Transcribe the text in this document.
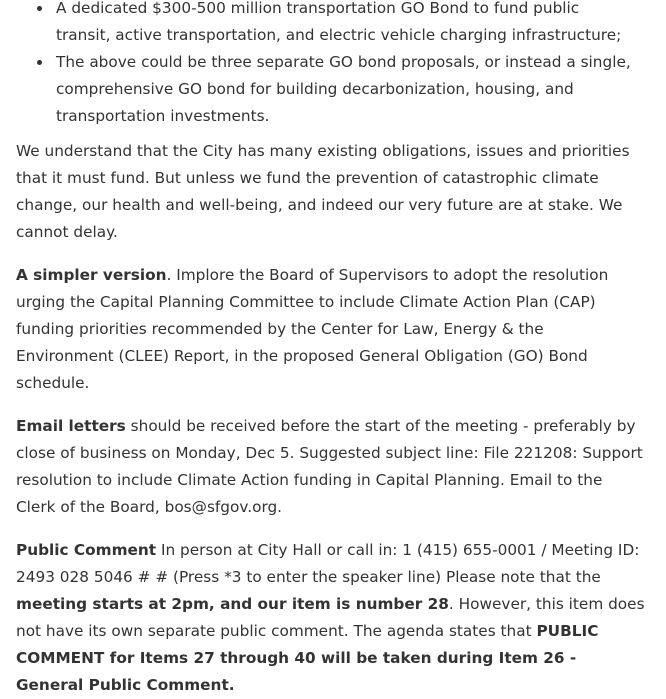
A dedicated $300-500 million transportation GO Bond to fund public transit, active transportation, and electric vehicle charging infrastructure;
The above could be three separate GO bond proposals, or instead a single, comprehensive GO bond for building decarbonization, housing, and transportation investments.

We understand that the City has many existing obligations, issues and priorities that it must fund. But unless we fund the prevention of catastrophic climate change, our health and well-being, and indeed our very future are at stake. We cannot delay.

A simpler version. Implore the Board of Supervisors to adopt the resolution urging the Capital Planning Committee to include Climate Action Plan (CAP) funding priorities recommended by the Center for Law, Energy & the Environment (CLEE) Report, in the proposed General Obligation (GO) Bond schedule.

Email letters should be received before the start of the meeting - preferably by close of business on Monday, Dec 5. Suggested subject line: File 221208: Support resolution to include Climate Action funding in Capital Planning. Email to the Clerk of the Board, bos@sfgov.org.

Public Comment In person at City Hall or call in: 1 (415) 655-0001 / Meeting ID: 2493 028 5046 # # (Press *3 to enter the speaker line) Please note that the meeting starts at 2pm, and our item is number 28. However, this item does not have its own separate public comment. The agenda states that PUBLIC COMMENT for Items 27 through 40 will be taken during Item 26 - General Public Comment.
